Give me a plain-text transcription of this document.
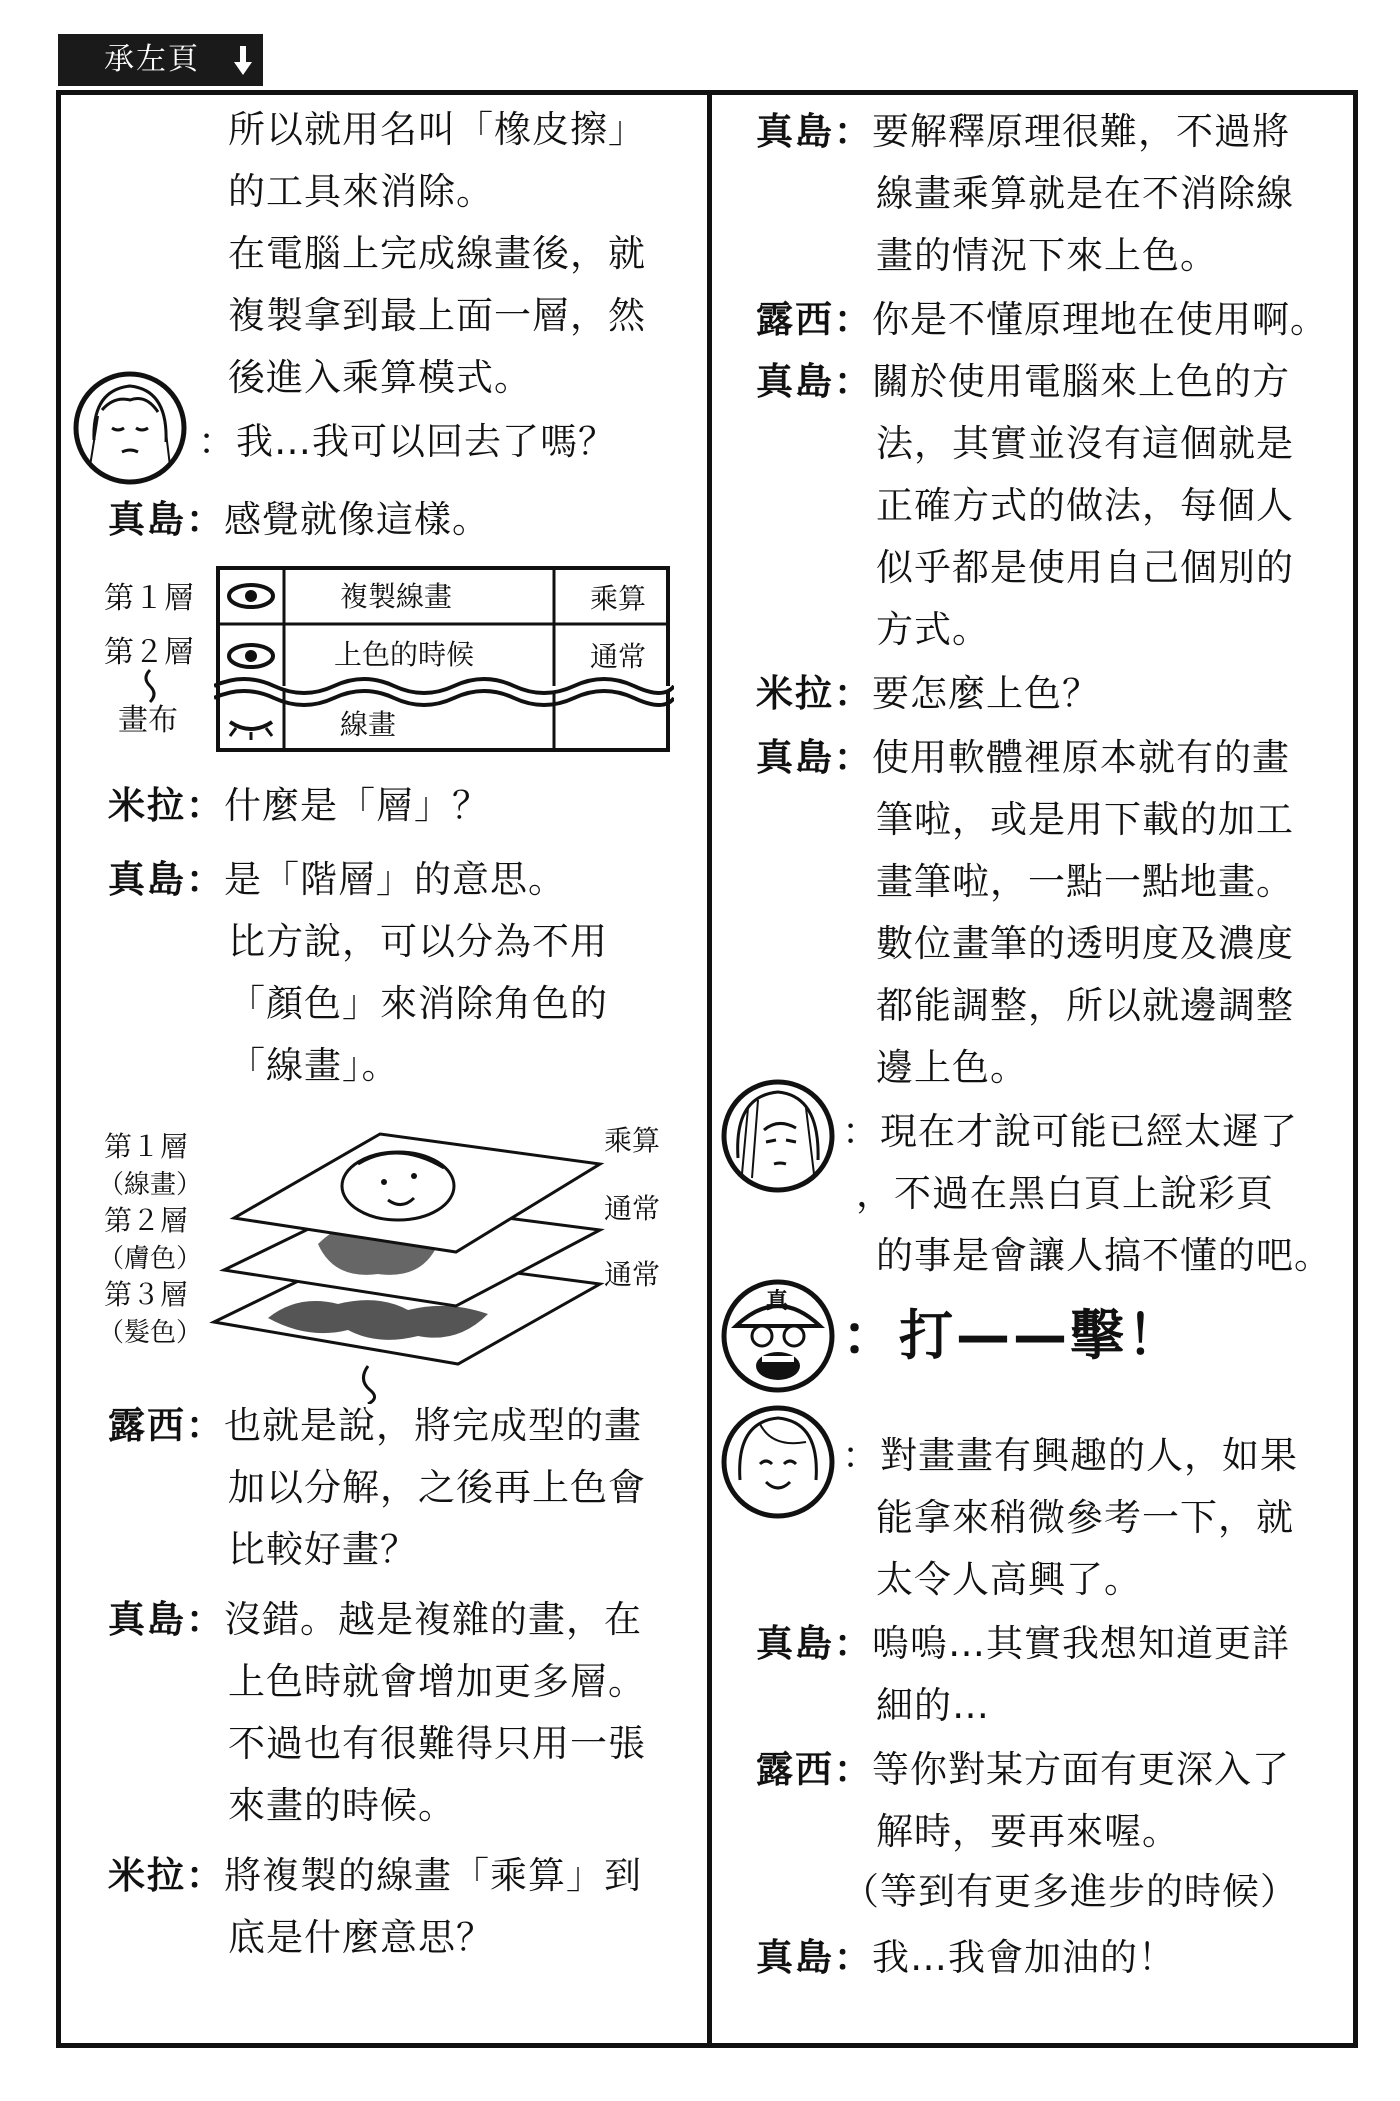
承左頁
所以就用名叫「橡皮擦」
的工具來消除。
在電腦上完成線畫後，就
複製拿到最上面一層，然
後進入乘算模式。
：我…我可以回去了嗎？
真島：感覺就像這樣。
第１層
第２層
畫布
複製線畫	乘算
上色的時候	通常
線畫
米拉：什麼是「層」？
真島：是「階層」的意思。
比方說，可以分為不用
「顏色」來消除角色的
「線畫」。
第１層
（線畫）
第２層
（膚色）
第３層
（髮色）
乘算
通常
通常
露西：也就是說，將完成型的畫
加以分解，之後再上色會
比較好畫？
真島：沒錯。越是複雜的畫，在
上色時就會增加更多層。
不過也有很難得只用一張
來畫的時候。
米拉：將複製的線畫「乘算」到
底是什麼意思？
真島：要解釋原理很難，不過將
線畫乘算就是在不消除線
畫的情況下來上色。
露西：你是不懂原理地在使用啊。
真島：關於使用電腦來上色的方
法，其實並沒有這個就是
正確方式的做法，每個人
似乎都是使用自己個別的
方式。
米拉：要怎麼上色？
真島：使用軟體裡原本就有的畫
筆啦，或是用下載的加工
畫筆啦，一點一點地畫。
數位畫筆的透明度及濃度
都能調整，所以就邊調整
邊上色。
：現在才說可能已經太遲了
，不過在黑白頁上說彩頁
的事是會讓人搞不懂的吧。
真
：打——擊！
：對畫畫有興趣的人，如果
能拿來稍微參考一下，就
太令人高興了。
真島：嗚嗚…其實我想知道更詳
細的…
露西：等你對某方面有更深入了
解時，要再來喔。
（等到有更多進步的時候）
真島：我…我會加油的！
